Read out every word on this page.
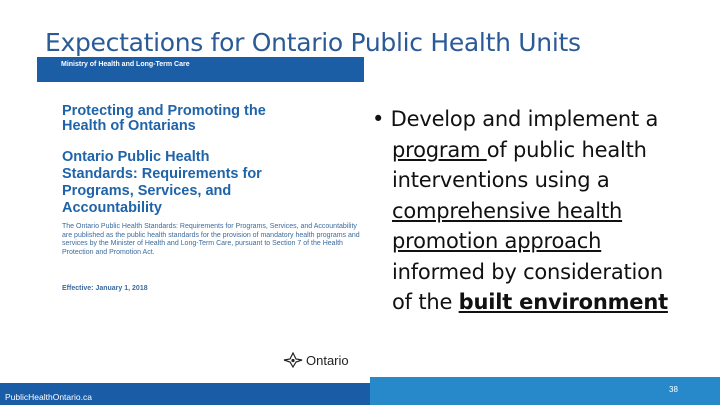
Expectations for Ontario Public Health Units
Ministry of Health and Long-Term Care
Protecting and Promoting the
Health of Ontarians
Ontario Public Health
Standards: Requirements for
Programs, Services, and
Accountability
The Ontario Public Health Standards: Requirements for Programs, Services, and Accountability are published as the public health standards for the provision of mandatory health programs and services by the Minister of Health and Long-Term Care, pursuant to Section 7 of the Health Protection and Promotion Act.
Effective: January 1, 2018
Ontario
• Develop and implement a
program of public health
interventions using a
comprehensive health
promotion approach
informed by consideration
of the built environment
PublicHealthOntario.ca
38
